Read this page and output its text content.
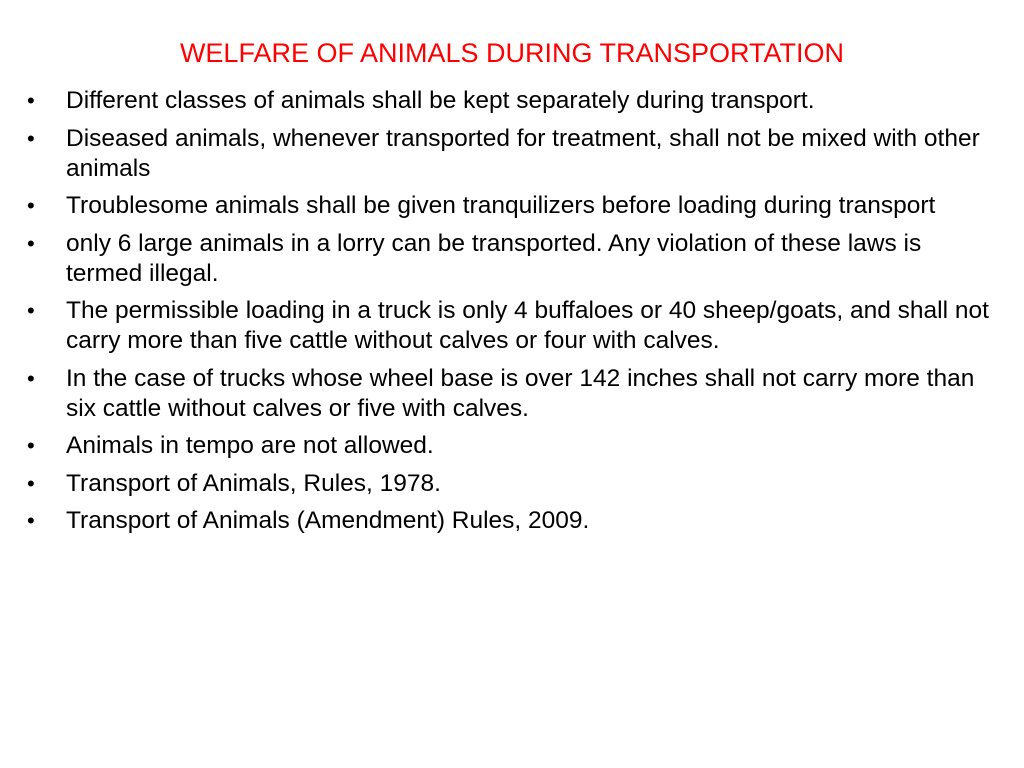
WELFARE OF ANIMALS DURING TRANSPORTATION
•	Different classes of animals shall be kept separately during transport.
•	Diseased animals, whenever transported for treatment, shall not be mixed with other animals
•	Troublesome animals shall be given tranquilizers before loading during transport
•	only 6 large animals in a lorry can be transported. Any violation of these laws is termed illegal.
•	The permissible loading in a truck is only 4 buffaloes or 40 sheep/goats, and shall not carry more than five cattle without calves or four with calves.
•	In the case of trucks whose wheel base is over 142 inches shall not carry more than six cattle without calves or five with calves.
•	Animals in tempo are not allowed.
•	Transport of Animals, Rules, 1978.
•	Transport of Animals (Amendment) Rules, 2009.
